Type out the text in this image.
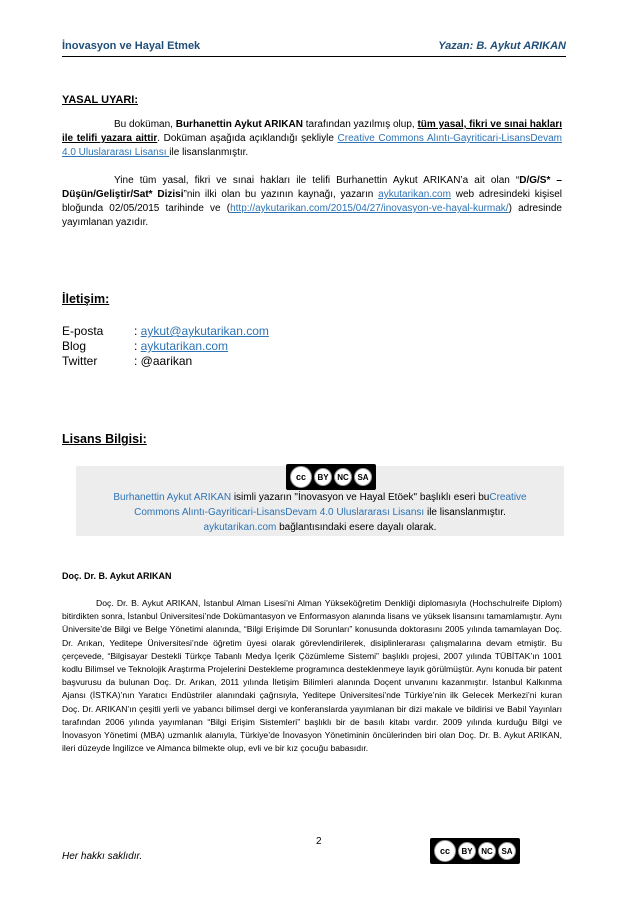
İnovasyon ve Hayal Etmek	Yazan: B. Aykut ARIKAN
YASAL UYARI:
Bu doküman, Burhanettin Aykut ARIKAN tarafından yazılmış olup, tüm yasal, fikri ve sınai hakları ile telifi yazara aittir. Doküman aşağıda açıklandığı şekliyle Creative Commons Alıntı-Gayriticari-LisansDevam 4.0 Uluslararası Lisansı ile lisanslanmıştır.
Yine tüm yasal, fikri ve sınai hakları ile telifi Burhanettin Aykut ARIKAN’a ait olan “D/G/S* – Düşün/Geliştir/Sat* Dizisi”nin ilki olan bu yazının kaynağı, yazarın aykutarikan.com web adresindeki kişisel bloğunda 02/05/2015 tarihinde ve (http://aykutarikan.com/2015/04/27/inovasyon-ve-hayal-kurmak/) adresinde yayımlanan yazıdır.
İletişim:
E-posta	: aykut@aykutarikan.com
Blog	: aykutarikan.com
Twitter	: @aarikan
Lisans Bilgisi:
cc	BY	NC	SA
Burhanettin Aykut ARIKAN isimli yazarın "İnovasyon ve Hayal Etöek" başlıklı eseri buCreative
Commons Alıntı-Gayriticari-LisansDevam 4.0 Uluslararası Lisansı ile lisanslanmıştır.
aykutarikan.com bağlantısındaki esere dayalı olarak.
Doç. Dr. B. Aykut ARIKAN
Doç. Dr. B. Aykut ARIKAN, İstanbul Alman Lisesi’ni Alman Yükseköğretim Denkliği diplomasıyla (Hochschulreife Diplom) bitirdikten sonra, İstanbul Üniversitesi’nde Dokümantasyon ve Enformasyon alanında lisans ve yüksek lisansını tamamlamıştır. Aynı Üniversite’de Bilgi ve Belge Yönetimi alanında, “Bilgi Erişimde Dil Sorunları” konusunda doktorasını 2005 yılında tamamlayan Doç. Dr. Arıkan, Yeditepe Üniversitesi’nde öğretim üyesi olarak görevlendirilerek, disiplinlerarası çalışmalarına devam etmiştir. Bu çerçevede, “Bilgisayar Destekli Türkçe Tabanlı Medya İçerik Çözümleme Sistemi” başlıklı projesi, 2007 yılında TÜBİTAK’ın 1001 kodlu Bilimsel ve Teknolojik Araştırma Projelerini Destekleme programınca desteklenmeye layık görülmüştür. Aynı konuda bir patent başvurusu da bulunan Doç. Dr. Arıkan, 2011 yılında İletişim Bilimleri alanında Doçent unvanını kazanmıştır. İstanbul Kalkınma Ajansı (İSTKA)’nın Yaratıcı Endüstriler alanındaki çağrısıyla, Yeditepe Üniversitesi’nde Türkiye’nin ilk Gelecek Merkezi’ni kuran Doç. Dr. ARIKAN’ın çeşitli yerli ve yabancı bilimsel dergi ve konferanslarda yayımlanan bir dizi makale ve bildirisi ve Babil Yayınları tarafından 2006 yılında yayımlanan “Bilgi Erişim Sistemleri” başlıklı bir de basılı kitabı vardır. 2009 yılında kurduğu Bilgi ve İnovasyon Yönetimi (MBA) uzmanlık alanıyla, Türkiye’de İnovasyon Yönetiminin öncülerinden biri olan Doç. Dr. B. Aykut ARIKAN, ileri düzeyde İngilizce ve Almanca bilmekte olup, evli ve bir kız çocuğu babasıdır.
2
cc	BY	NC	SA
Her hakkı saklıdır.
